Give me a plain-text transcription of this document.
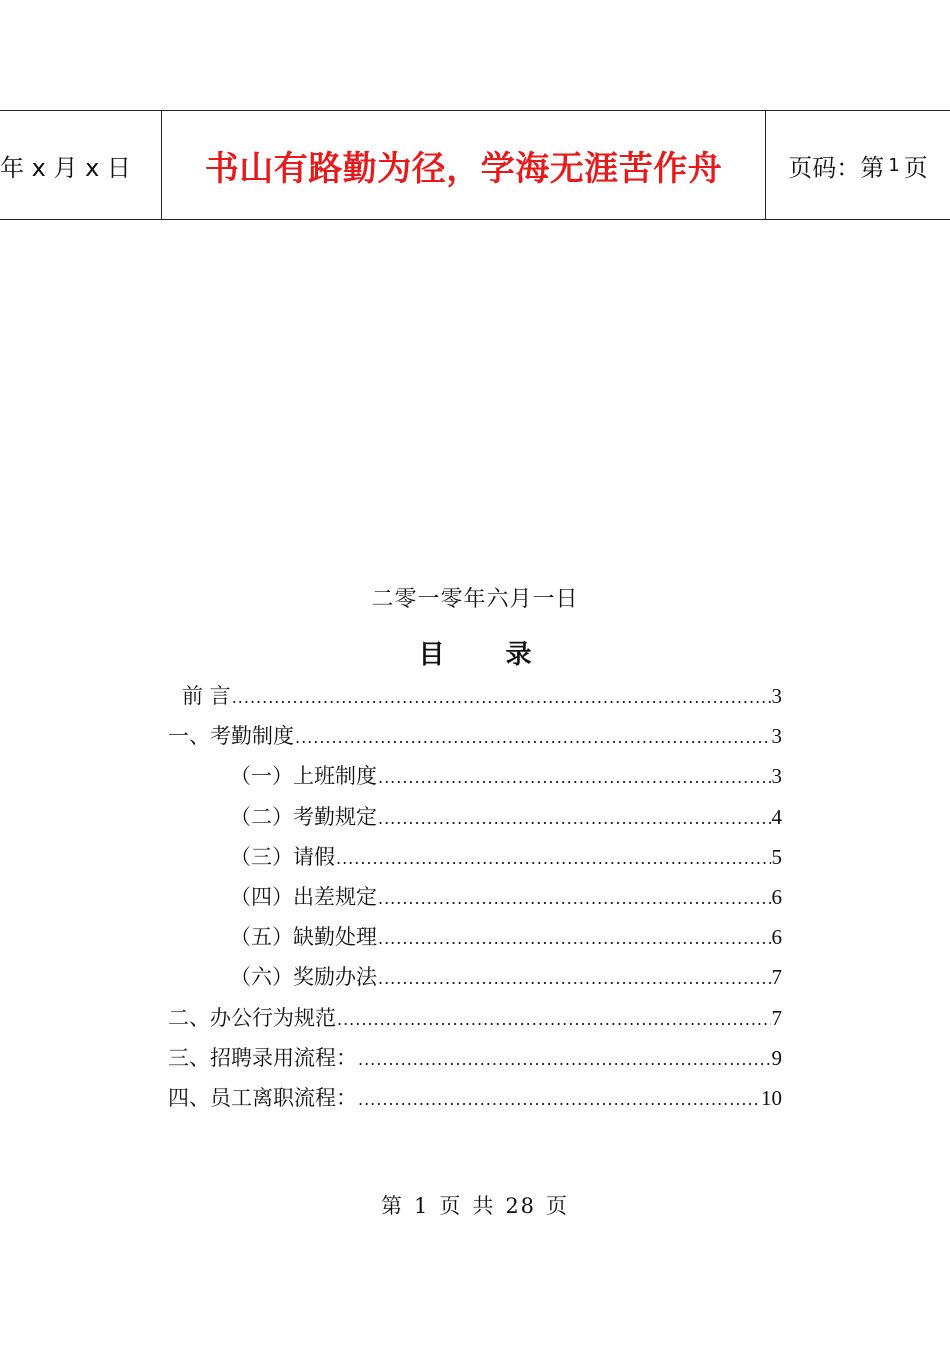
年 x 月 x 日 书山有路勤为径，学海无涯苦作舟	页码：第 1 页
二零一零年六月一日
目 录
前 言 .....	3
一、考勤制度 .....	3
（一）上班制度 .....	3
（二）考勤规定 .....	4
（三）请假 .....	5
（四）出差规定 .....	6
（五）缺勤处理 .....	6
（六）奖励办法 .....	7
二、办公行为规范 .....	7
三、招聘录用流程： .....	9
四、员工离职流程： .....	10
第 1 页 共 28 页
